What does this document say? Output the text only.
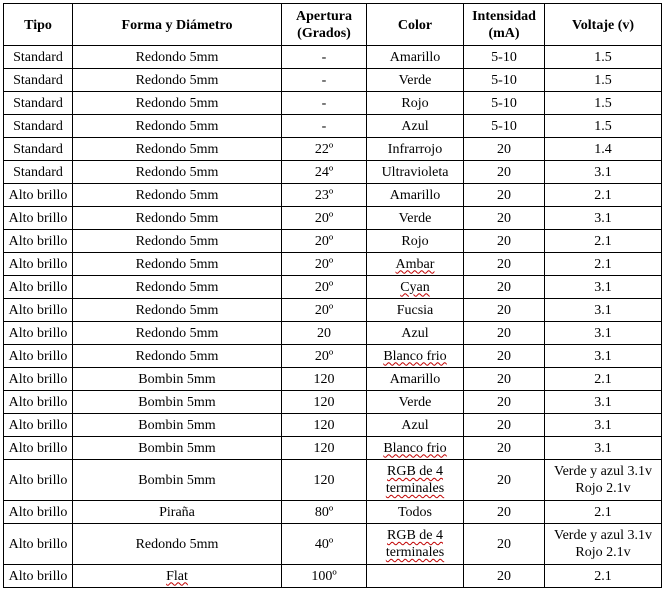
Tipo	Forma y Diámetro	Apertura (Grados)	Color	Intensidad (mA)	Voltaje (v)
Standard	Redondo 5mm	-	Amarillo	5-10	1.5
Standard	Redondo 5mm	-	Verde	5-10	1.5
Standard	Redondo 5mm	-	Rojo	5-10	1.5
Standard	Redondo 5mm	-	Azul	5-10	1.5
Standard	Redondo 5mm	22º	Infrarrojo	20	1.4
Standard	Redondo 5mm	24º	Ultravioleta	20	3.1
Alto brillo	Redondo 5mm	23º	Amarillo	20	2.1
Alto brillo	Redondo 5mm	20º	Verde	20	3.1
Alto brillo	Redondo 5mm	20º	Rojo	20	2.1
Alto brillo	Redondo 5mm	20º	Ambar	20	2.1
Alto brillo	Redondo 5mm	20º	Cyan	20	3.1
Alto brillo	Redondo 5mm	20º	Fucsia	20	3.1
Alto brillo	Redondo 5mm	20	Azul	20	3.1
Alto brillo	Redondo 5mm	20º	Blanco frio	20	3.1
Alto brillo	Bombin 5mm	120	Amarillo	20	2.1
Alto brillo	Bombin 5mm	120	Verde	20	3.1
Alto brillo	Bombin 5mm	120	Azul	20	3.1
Alto brillo	Bombin 5mm	120	Blanco frio	20	3.1
Alto brillo	Bombin 5mm	120	RGB de 4 terminales	20	Verde y azul 3.1v Rojo 2.1v
Alto brillo	Piraña	80º	Todos	20	2.1
Alto brillo	Redondo 5mm	40º	RGB de 4 terminales	20	Verde y azul 3.1v Rojo 2.1v
Alto brillo	Flat	100º		20	2.1
